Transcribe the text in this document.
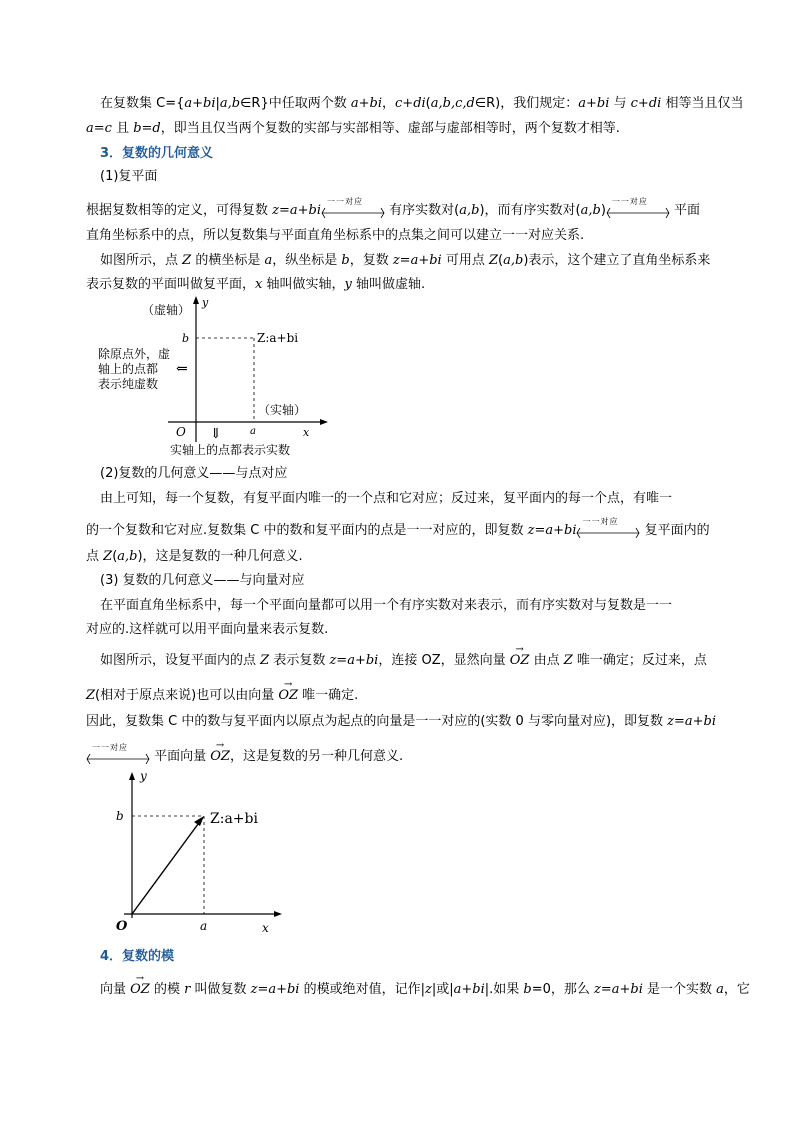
在复数集 C={a+bi|a,b∈R}中任取两个数 a+bi，c+di(a,b,c,d∈R)，我们规定：a+bi 与 c+di 相等当且仅当
a=c 且 b=d，即当且仅当两个复数的实部与实部相等、虚部与虚部相等时，两个复数才相等.
3．复数的几何意义
(1)复平面
根据复数相等的定义，可得复数 z=a+bi
一一对应
有序实数对(a,b)，而有序实数对(a,b)
一一对应
平面
直角坐标系中的点，所以复数集与平面直角坐标系中的点集之间可以建立一一对应关系.
如图所示，点 Z 的横坐标是 a，纵坐标是 b，复数 z=a+bi 可用点 Z(a,b)表示，这个建立了直角坐标系来
表示复数的平面叫做复平面，x 轴叫做实轴，y 轴叫做虚轴.
y
（虚轴）
b	Z:a+bi
除原点外，虚
轴上的点都
表示纯虚数
⇐
（实轴）
O	a	x
⇓
实轴上的点都表示实数
(2)复数的几何意义——与点对应
由上可知，每一个复数，有复平面内唯一的一个点和它对应；反过来，复平面内的每一个点，有唯一
的一个复数和它对应.复数集 C 中的数和复平面内的点是一一对应的，即复数 z=a+bi
一一对应
复平面内的
点 Z(a,b)，这是复数的一种几何意义.
(3) 复数的几何意义——与向量对应
在平面直角坐标系中，每一个平面向量都可以用一个有序实数对来表示，而有序实数对与复数是一一
对应的.这样就可以用平面向量来表示复数.
如图所示，设复平面内的点 Z 表示复数 z=a+bi，连接 OZ，显然向量 → OZ 由点 Z 唯一确定；反过来，点
Z(相对于原点来说)也可以由向量 → OZ 唯一确定.
因此，复数集 C 中的数与复平面内以原点为起点的向量是一一对应的(实数 0 与零向量对应)，即复数 z=a+bi
一一对应
平面向量 → OZ，这是复数的另一种几何意义.
y
b	Z:a+bi
O	a	x
4．复数的模
向量 → OZ 的模 r 叫做复数 z=a+bi 的模或绝对值，记作|z|或|a+bi|.如果 b=0，那么 z=a+bi 是一个实数 a，它
